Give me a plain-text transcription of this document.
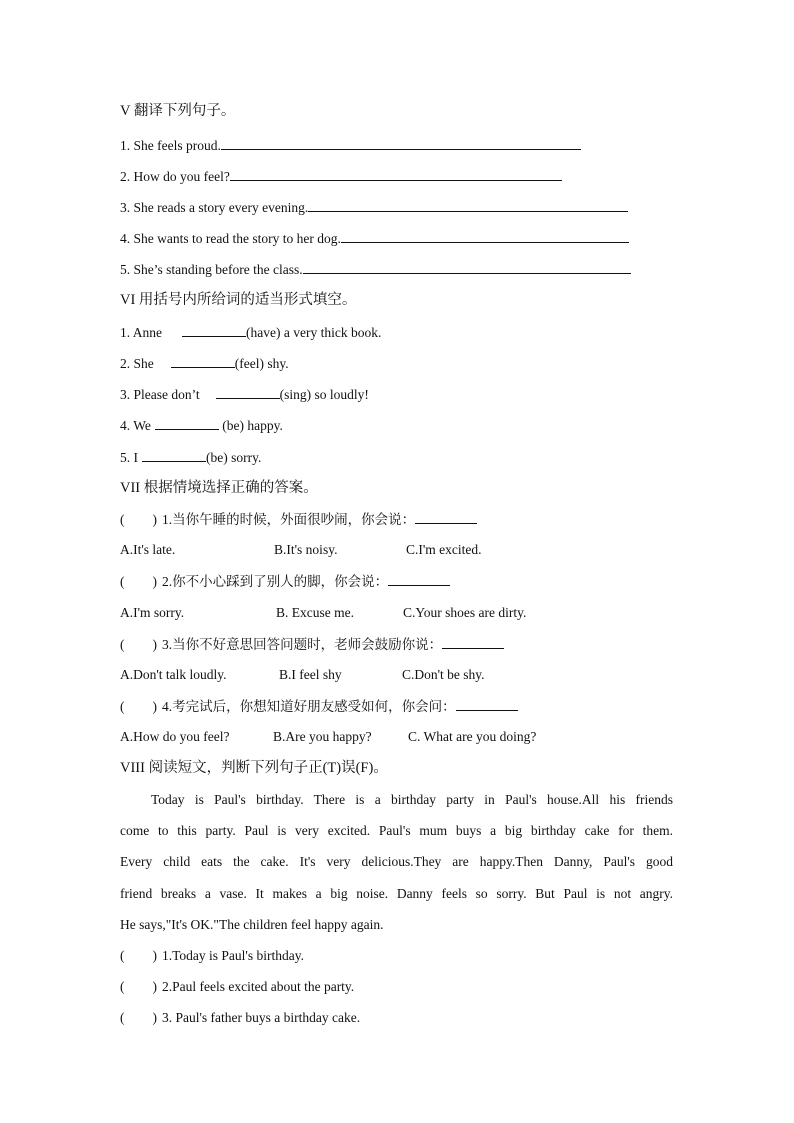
V 翻译下列句子。
1. She feels proud.
2. How do you feel?
3. She reads a story every evening.
4. She wants to read the story to her dog.
5. She’s standing before the class.
VI 用括号内所给词的适当形式填空。
1. Anne	(have) a very thick book.
2. She	(feel) shy.
3. Please don’t	(sing) so loudly!
4. We	(be) happy.
5. I	(be) sorry.
VII 根据情境选择正确的答案。
( ) 1.当你午睡的时候，外面很吵闹，你会说：
A.It's late.	B.It's noisy.	C.I'm excited.
( ) 2.你不小心踩到了别人的脚，你会说：
A.I'm sorry.	B. Excuse me.	C.Your shoes are dirty.
( ) 3.当你不好意思回答问题时，老师会鼓励你说：
A.Don't talk loudly.	B.I feel shy	C.Don't be shy.
( ) 4.考完试后，你想知道好朋友感受如何，你会问：
A.How do you feel?	B.Are you happy?	C. What are you doing?
VIII 阅读短文，判断下列句子正(T)误(F)。
Today is Paul's birthday. There is a birthday party in Paul's house.All his friends
come to this party. Paul is very excited. Paul's mum buys a big birthday cake for them.
Every child eats the cake. It's very delicious.They are happy.Then Danny, Paul's good
friend breaks a vase. It makes a big noise. Danny feels so sorry. But Paul is not angry.
He says,"It's OK."The children feel happy again.
( ) 1.Today is Paul's birthday.
( ) 2.Paul feels excited about the party.
( ) 3. Paul's father buys a birthday cake.
